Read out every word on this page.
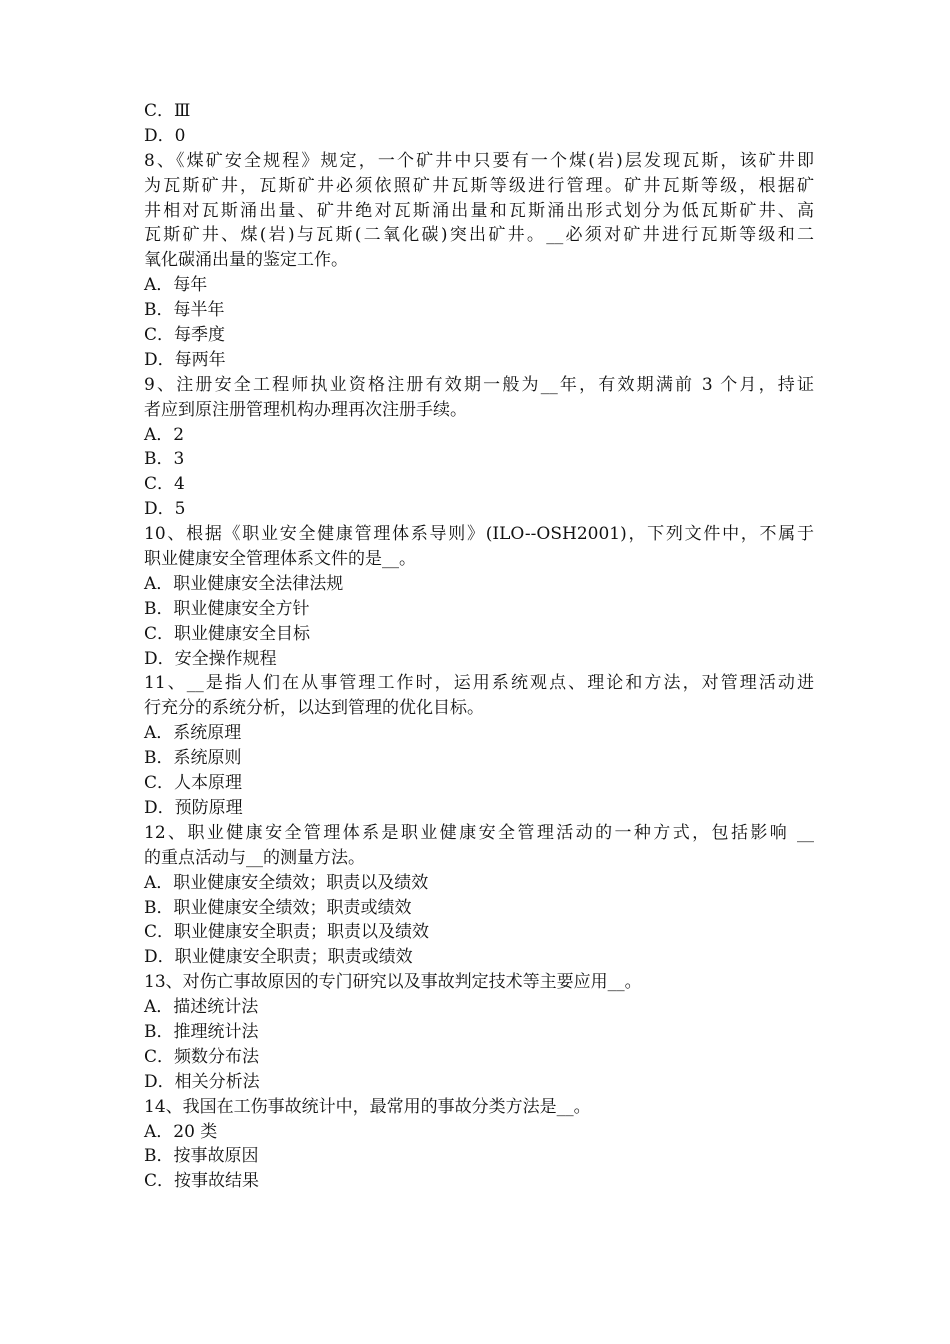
C．Ⅲ
D．0
8、《煤矿安全规程》规定，一个矿井中只要有一个煤(岩)层发现瓦斯，该矿井即
为瓦斯矿井，瓦斯矿井必须依照矿井瓦斯等级进行管理。矿井瓦斯等级，根据矿
井相对瓦斯涌出量、矿井绝对瓦斯涌出量和瓦斯涌出形式划分为低瓦斯矿井、高
瓦斯矿井、煤(岩)与瓦斯(二氧化碳)突出矿井。__必须对矿井进行瓦斯等级和二
氧化碳涌出量的鉴定工作。
A．每年
B．每半年
C．每季度
D．每两年
9、注册安全工程师执业资格注册有效期一般为__年，有效期满前 3 个月，持证
者应到原注册管理机构办理再次注册手续。
A．2
B．3
C．4
D．5
10、根据《职业安全健康管理体系导则》(ILO--OSH2001)，下列文件中，不属于
职业健康安全管理体系文件的是__。
A．职业健康安全法律法规
B．职业健康安全方针
C．职业健康安全目标
D．安全操作规程
11、__是指人们在从事管理工作时，运用系统观点、理论和方法，对管理活动进
行充分的系统分析，以达到管理的优化目标。
A．系统原理
B．系统原则
C．人本原理
D．预防原理
12、职业健康安全管理体系是职业健康安全管理活动的一种方式，包括影响 __
的重点活动与__的测量方法。
A．职业健康安全绩效；职责以及绩效
B．职业健康安全绩效；职责或绩效
C．职业健康安全职责；职责以及绩效
D．职业健康安全职责；职责或绩效
13、对伤亡事故原因的专门研究以及事故判定技术等主要应用__。
A．描述统计法
B．推理统计法
C．频数分布法
D．相关分析法
14、我国在工伤事故统计中，最常用的事故分类方法是__。
A．20 类
B．按事故原因
C．按事故结果
